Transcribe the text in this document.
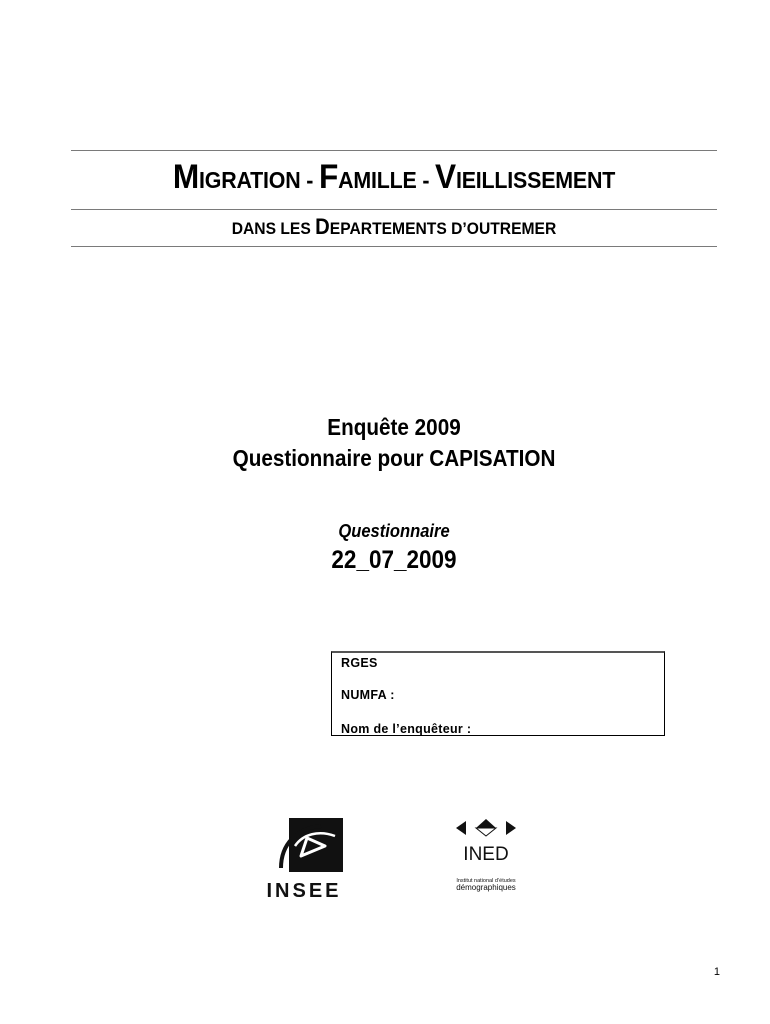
MIGRATION - FAMILLE - VIEILLISSEMENT
DANS LES DEPARTEMENTS D’OUTREMER
Enquête 2009
Questionnaire pour CAPISATION
Questionnaire
22_07_2009
RGES
NUMFA :
Nom de l’enquêteur :
INSEE
INED
Institut national d’études
démographiques
1
